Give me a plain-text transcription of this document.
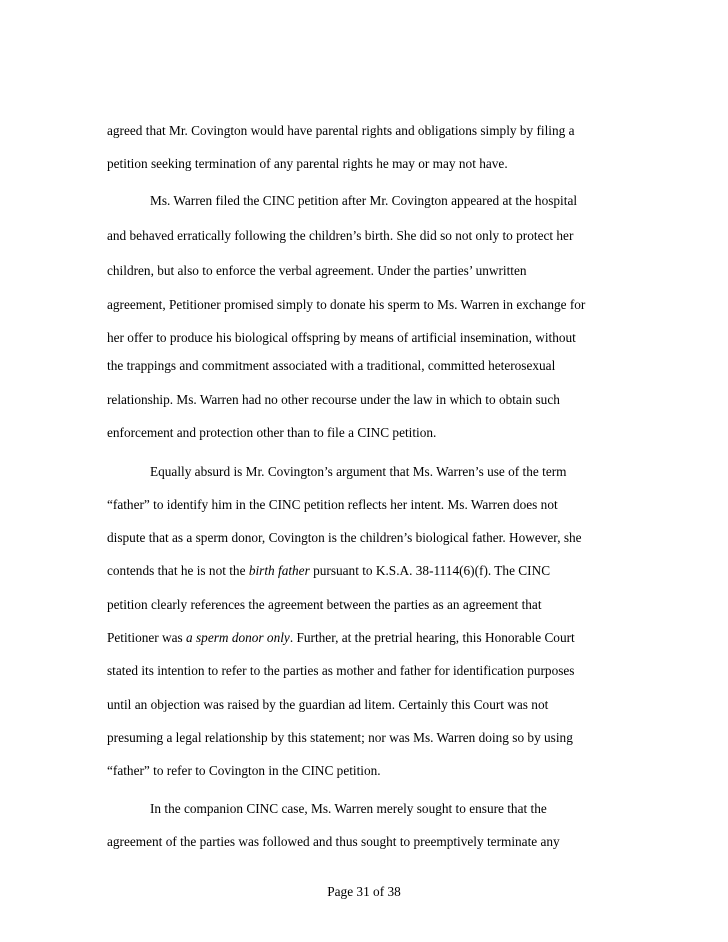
agreed that Mr. Covington would have parental rights and obligations simply by filing a
petition seeking termination of any parental rights he may or may not have.
Ms. Warren filed the CINC petition after Mr. Covington appeared at the hospital
and behaved erratically following the children’s birth. She did so not only to protect her
children, but also to enforce the verbal agreement. Under the parties’ unwritten
agreement, Petitioner promised simply to donate his sperm to Ms. Warren in exchange for
her offer to produce his biological offspring by means of artificial insemination, without
the trappings and commitment associated with a traditional, committed heterosexual
relationship. Ms. Warren had no other recourse under the law in which to obtain such
enforcement and protection other than to file a CINC petition.
Equally absurd is Mr. Covington’s argument that Ms. Warren’s use of the term
“father” to identify him in the CINC petition reflects her intent. Ms. Warren does not
dispute that as a sperm donor, Covington is the children’s biological father. However, she
contends that he is not the birth father pursuant to K.S.A. 38-1114(6)(f). The CINC
petition clearly references the agreement between the parties as an agreement that
Petitioner was a sperm donor only. Further, at the pretrial hearing, this Honorable Court
stated its intention to refer to the parties as mother and father for identification purposes
until an objection was raised by the guardian ad litem. Certainly this Court was not
presuming a legal relationship by this statement; nor was Ms. Warren doing so by using
“father” to refer to Covington in the CINC petition.
In the companion CINC case, Ms. Warren merely sought to ensure that the
agreement of the parties was followed and thus sought to preemptively terminate any
Page 31 of 38
